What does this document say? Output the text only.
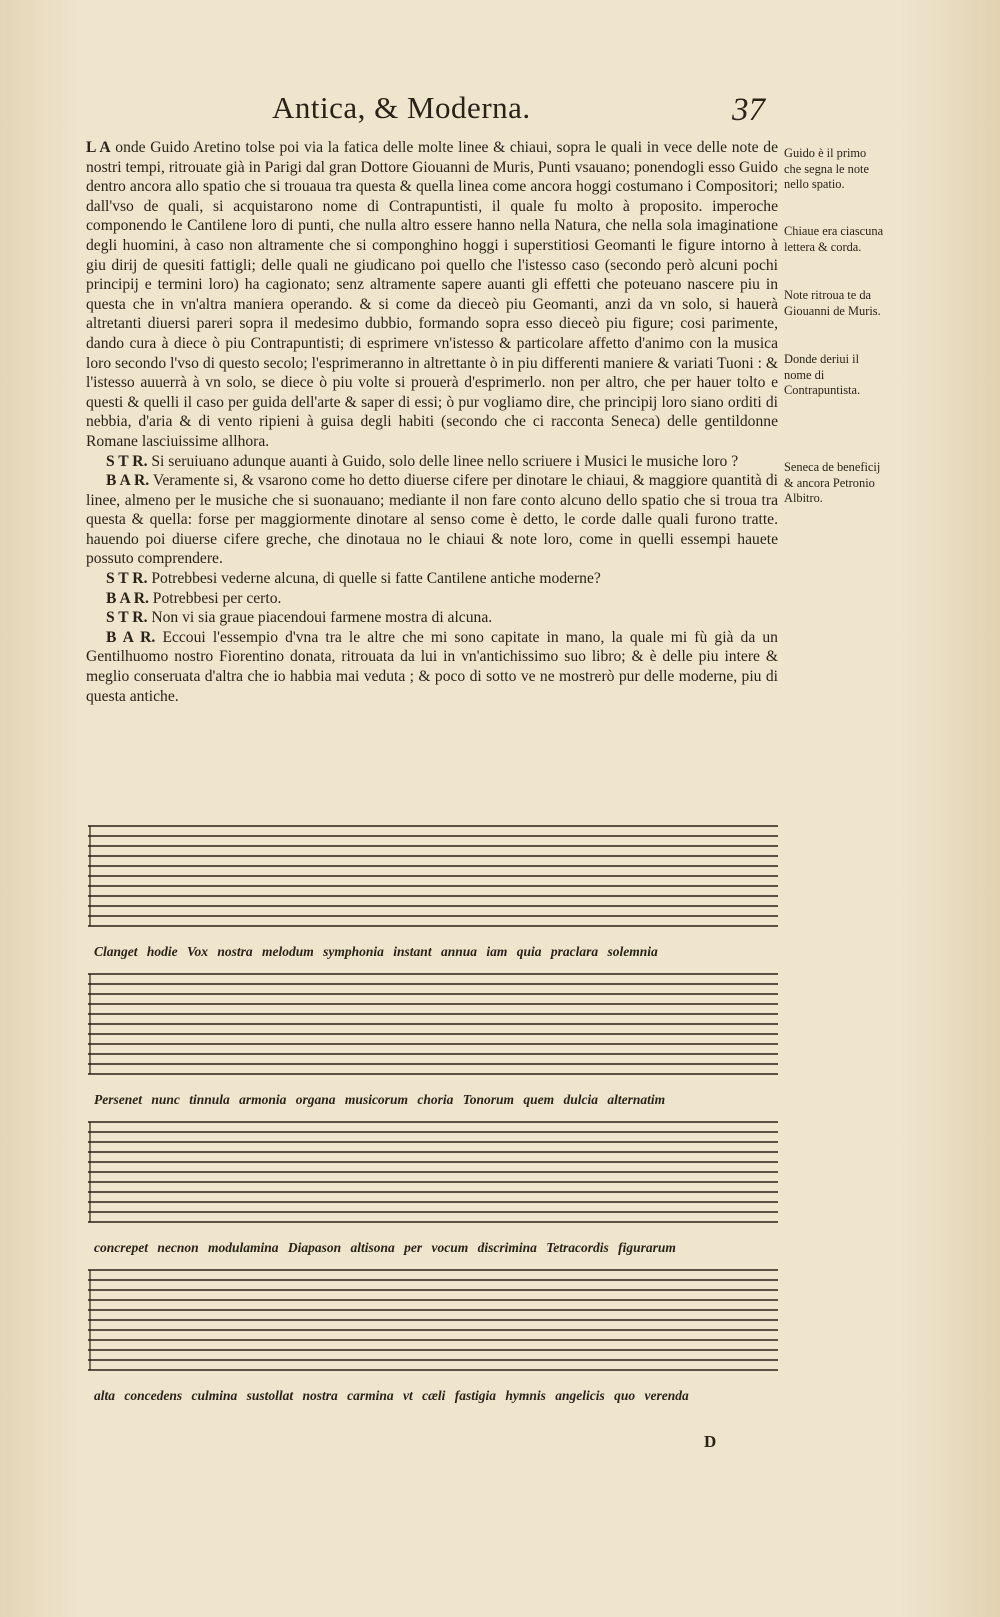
Antica, & Moderna.	37

L A onde Guido Aretino tolse poi via la fatica delle molte linee & chiaui, sopra le quali in vece delle note de nostri tempi, ritrouate già in Parigi dal gran Dottore Giouanni de Muris, Punti vsauano; ponendogli esso Guido dentro ancora allo spatio che si trouaua tra questa & quella linea come ancora hoggi costumano i Compositori; dall'vso de quali, si acquistarono nome di Contrapuntisti, il quale fu molto à proposito. imperoche componendo le Cantilene loro di punti, che nulla altro essere hanno nella Natura, che nella sola imaginatione degli huomini, à caso non altramente che si componghino hoggi i superstitiosi Geomanti le figure intorno à giu dirij de quesiti fattigli; delle quali ne giudicano poi quello che l'istesso caso (secondo però alcuni pochi principij e termini loro) ha cagionato; senz altramente sapere auanti gli effetti che poteuano nascere piu in questa che in vn'altra maniera operando. & si come da dieceò piu Geomanti, anzi da vn solo, si hauerà altretanti diuersi pareri sopra il medesimo dubbio, formando sopra esso dieceò piu figure; cosi parimente, dando cura à diece ò piu Contrapuntisti; di esprimere vn'istesso & particolare affetto d'animo con la musica loro secondo l'vso di questo secolo; l'esprimeranno in altrettante ò in piu differenti maniere & variati Tuoni : & l'istesso auuerrà à vn solo, se diece ò piu volte si prouerà d'esprimerlo. non per altro, che per hauer tolto e questi & quelli il caso per guida dell'arte & saper di essi; ò pur vogliamo dire, che principij loro siano orditi di nebbia, d'aria & di vento ripieni à guisa degli habiti (secondo che ci racconta Seneca) delle gentildonne Romane lasciuissime allhora.

S T R. Si seruiuano adunque auanti à Guido, solo delle linee nello scriuere i Musici le musiche loro ?

B A R. Veramente si, & vsarono come ho detto diuerse cifere per dinotare le chiaui, & maggiore quantità di linee, almeno per le musiche che si suonauano; mediante il non fare conto alcuno dello spatio che si troua tra questa & quella: forse per maggiormente dinotare al senso come è detto, le corde dalle quali furono tratte. hauendo poi diuerse cifere greche, che dinotaua no le chiaui & note loro, come in quelli essempi hauete possuto comprendere.

S T R. Potrebbesi vederne alcuna, di quelle si fatte Cantilene antiche moderne?

B A R. Potrebbesi per certo.

S T R. Non vi sia graue piacendoui farmene mostra di alcuna.

B A R. Eccoui l'essempio d'vna tra le altre che mi sono capitate in mano, la quale mi fù già da un Gentilhuomo nostro Fiorentino donata, ritrouata da lui in vn'antichissimo suo libro; & è delle piu intere & meglio conseruata d'altra che io habbia mai veduta ; & poco di sotto ve ne mostrerò pur delle moderne, piu di questa antiche.

Guido è il primo che segna le note nello spatio.
Chiaue era ciascuna lettera & corda.
Note ritroua te da Giouanni de Muris.
Donde deriui il nome di Contrapuntista.
Seneca de beneficij & ancora Petronio Albitro.
Clanget hodie Vox nostra melodum symphonia instant annua iam quia praclara solemnia
Persenet nunc tinnula armonia organa musicorum choria Tonorum quem dulcia alternatim
concrepet necnon modulamina Diapason altisona per vocum discrimina Tetracordis figurarum
alta concedens culmina sustollat nostra carmina vt cæli fastigia hymnis angelicis quo verenda
D
